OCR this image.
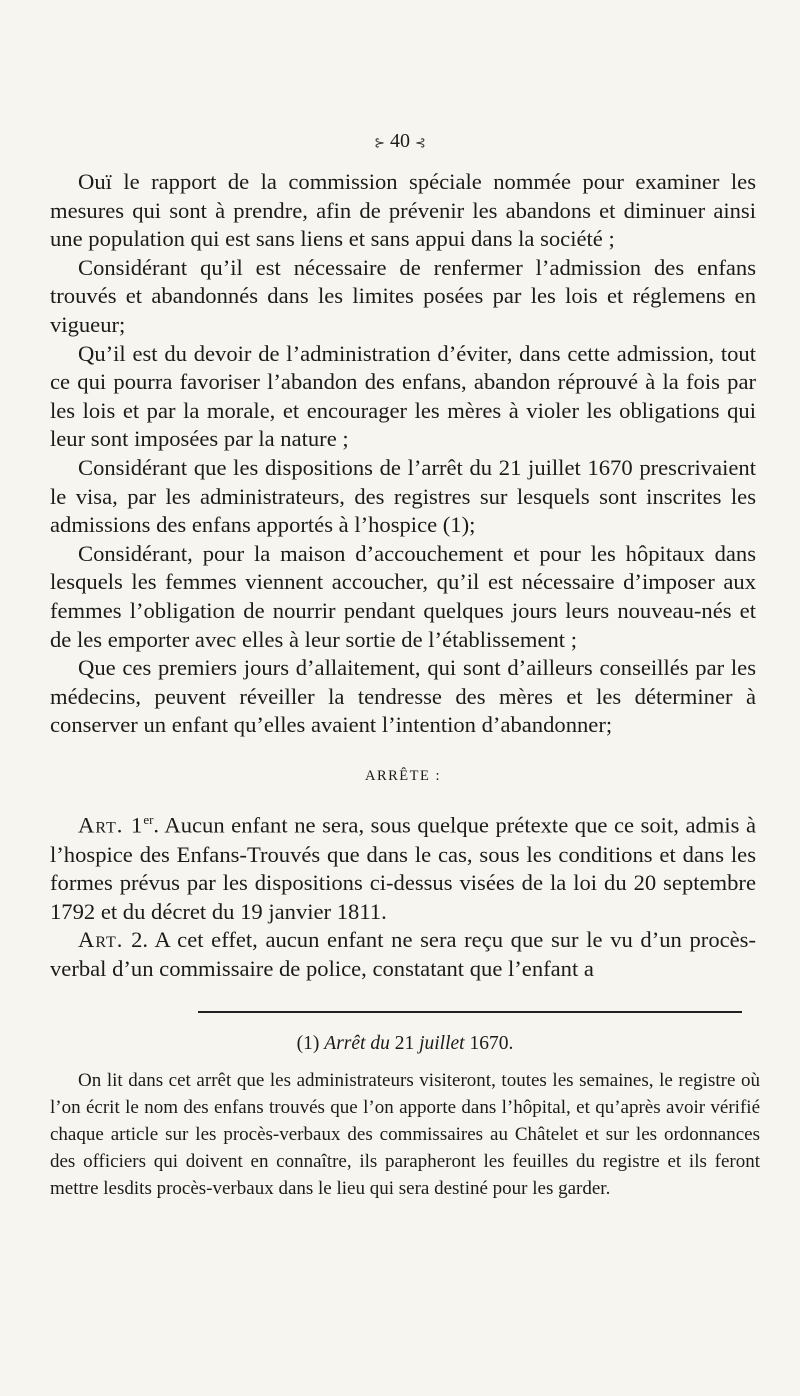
⊱ 40 ⊰

Ouï le rapport de la commission spéciale nommée pour examiner les mesures qui sont à prendre, afin de prévenir les abandons et diminuer ainsi une population qui est sans liens et sans appui dans la société ;

Considérant qu’il est nécessaire de renfermer l’admission des enfans trouvés et abandonnés dans les limites posées par les lois et réglemens en vigueur;

Qu’il est du devoir de l’administration d’éviter, dans cette admission, tout ce qui pourra favoriser l’abandon des enfans, abandon réprouvé à la fois par les lois et par la morale, et encourager les mères à violer les obligations qui leur sont imposées par la nature ;

Considérant que les dispositions de l’arrêt du 21 juillet 1670 prescrivaient le visa, par les administrateurs, des registres sur lesquels sont inscrites les admissions des enfans apportés à l’hospice (1);

Considérant, pour la maison d’accouchement et pour les hôpitaux dans lesquels les femmes viennent accoucher, qu’il est nécessaire d’imposer aux femmes l’obligation de nourrir pendant quelques jours leurs nouveau-nés et de les emporter avec elles à leur sortie de l’établissement ;

Que ces premiers jours d’allaitement, qui sont d’ailleurs conseillés par les médecins, peuvent réveiller la tendresse des mères et les déterminer à conserver un enfant qu’elles avaient l’intention d’abandonner;

ARRÊTE :

Art. 1er. Aucun enfant ne sera, sous quelque prétexte que ce soit, admis à l’hospice des Enfans-Trouvés que dans le cas, sous les conditions et dans les formes prévus par les dispositions ci-dessus visées de la loi du 20 septembre 1792 et du décret du 19 janvier 1811.

Art. 2. A cet effet, aucun enfant ne sera reçu que sur le vu d’un procès-verbal d’un commissaire de police, constatant que l’enfant a

(1) Arrêt du 21 juillet 1670.

On lit dans cet arrêt que les administrateurs visiteront, toutes les semaines, le registre où l’on écrit le nom des enfans trouvés que l’on apporte dans l’hôpital, et qu’après avoir vérifié chaque article sur les procès-verbaux des commissaires au Châtelet et sur les ordonnances des officiers qui doivent en connaître, ils parapheront les feuilles du registre et ils feront mettre lesdits procès-verbaux dans le lieu qui sera destiné pour les garder.
